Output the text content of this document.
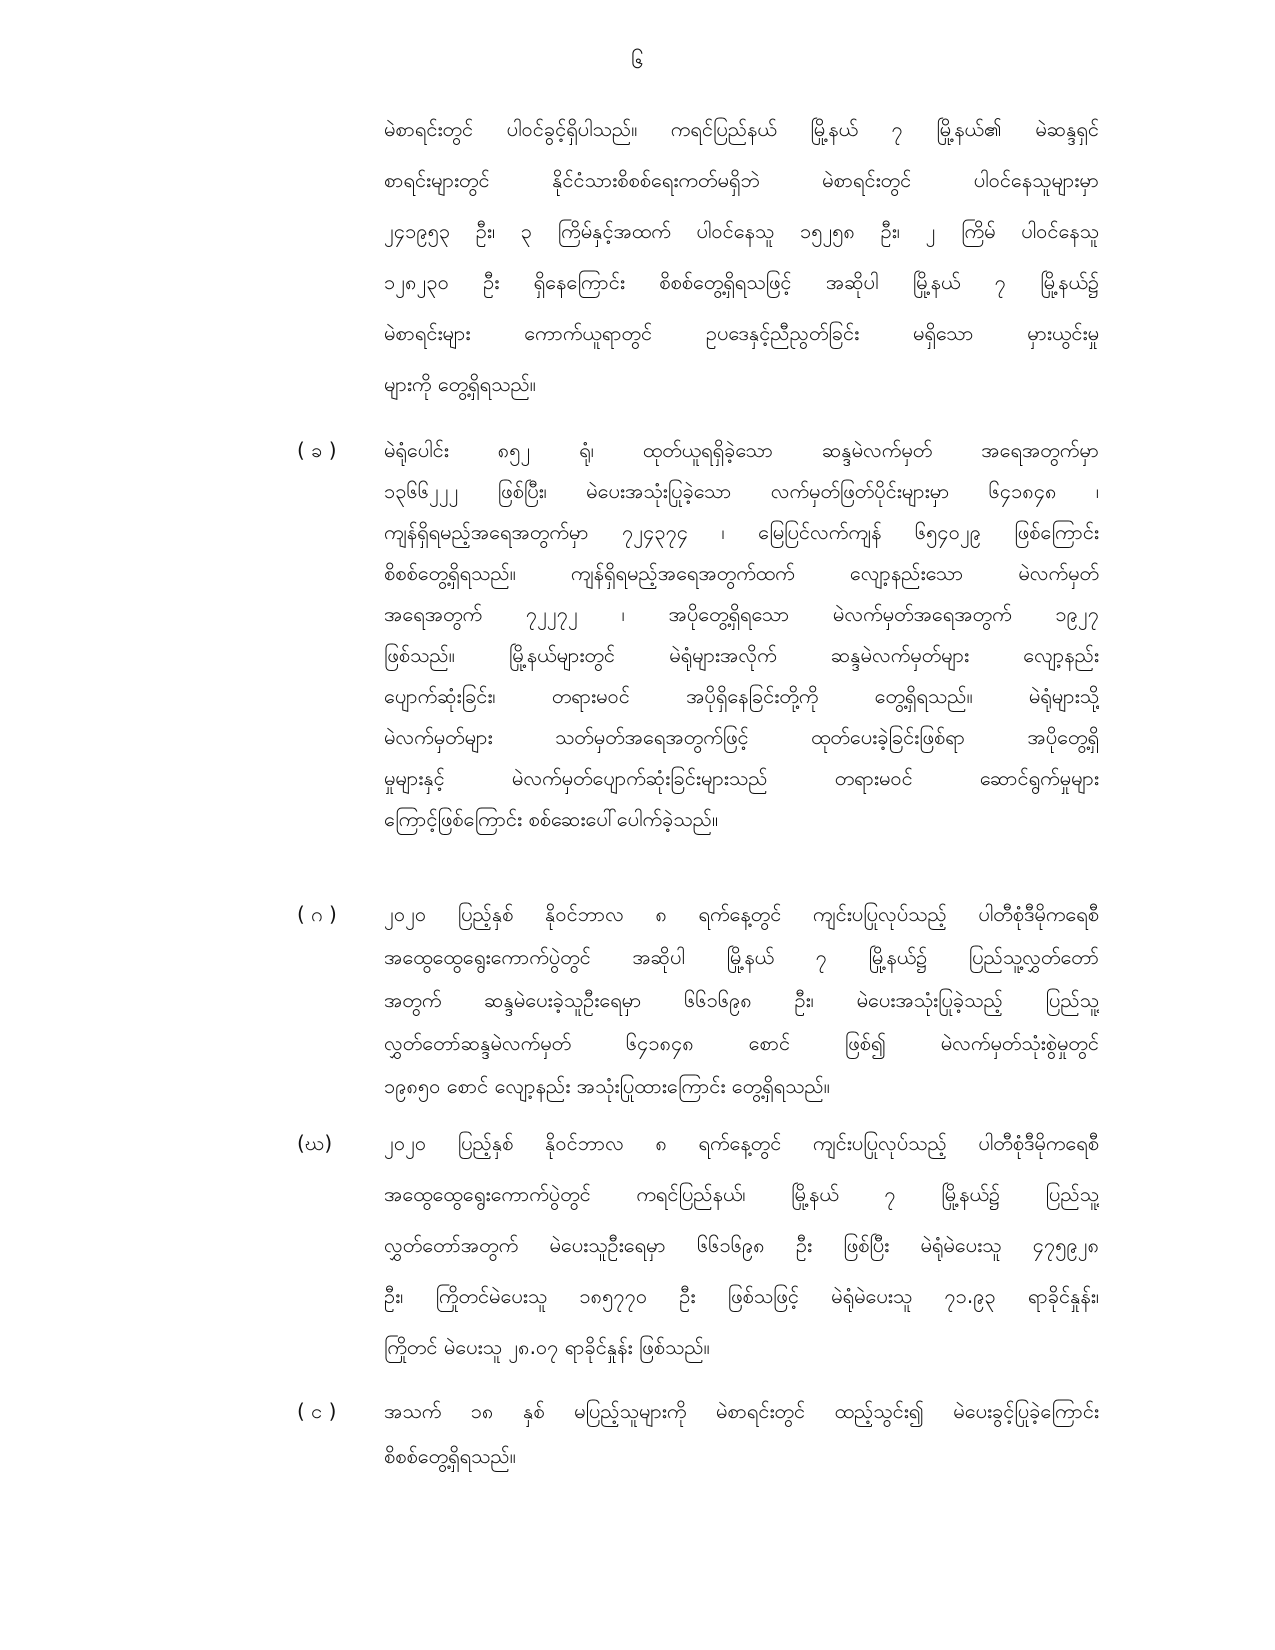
၆
မဲစာရင်းတွင် ပါဝင်ခွင့်ရှိပါသည်။ ကရင်ပြည်နယ် မြို့နယ် ၇ မြို့နယ်၏ မဲဆန္ဒရှင်
စာရင်းများတွင် နိုင်ငံသားစိစစ်ရေးကတ်မရှိဘဲ မဲစာရင်းတွင် ပါဝင်နေသူများမှာ
၂၄၁၉၅၃ ဦး၊ ၃ ကြိမ်နှင့်အထက် ပါဝင်နေသူ ၁၅၂၅၈ ဦး၊ ၂ ကြိမ် ပါဝင်နေသူ
၁၂၈၂၃၀ ဦး ရှိနေကြောင်း စိစစ်တွေ့ရှိရသဖြင့် အဆိုပါ မြို့နယ် ၇ မြို့နယ်၌
မဲစာရင်းများ ကောက်ယူရာတွင် ဥပဒေနှင့်ညီညွတ်ခြင်း မရှိသော မှားယွင်းမှု
များကို တွေ့ရှိရသည်။
( ခ ) မဲရုံပေါင်း ၈၅၂ ရုံ၊ ထုတ်ယူရရှိခဲ့သော ဆန္ဒမဲလက်မှတ် အရေအတွက်မှာ
၁၃၆၆၂၂၂ ဖြစ်ပြီး၊ မဲပေးအသုံးပြုခဲ့သော လက်မှတ်ဖြတ်ပိုင်းများမှာ ၆၄၁၈၄၈ ၊
ကျန်ရှိရမည့်အရေအတွက်မှာ ၇၂၄၃၇၄ ၊ မြေပြင်လက်ကျန် ၆၅၄၀၂၉ ဖြစ်ကြောင်း
စိစစ်တွေ့ရှိရသည်။ ကျန်ရှိရမည့်အရေအတွက်ထက် လျော့နည်းသော မဲလက်မှတ်
အရေအတွက် ၇၂၂၇၂ ၊ အပိုတွေ့ရှိရသော မဲလက်မှတ်အရေအတွက် ၁၉၂၇
ဖြစ်သည်။ မြို့နယ်များတွင် မဲရုံများအလိုက် ဆန္ဒမဲလက်မှတ်များ လျော့နည်း
ပျောက်ဆုံးခြင်း၊ တရားမဝင် အပိုရှိနေခြင်းတို့ကို တွေ့ရှိရသည်။ မဲရုံများသို့
မဲလက်မှတ်များ သတ်မှတ်အရေအတွက်ဖြင့် ထုတ်ပေးခဲ့ခြင်းဖြစ်ရာ အပိုတွေ့ရှိ
မှုများနှင့် မဲလက်မှတ်ပျောက်ဆုံးခြင်းများသည် တရားမဝင် ဆောင်ရွက်မှုများ
ကြောင့်ဖြစ်ကြောင်း စစ်ဆေးပေါ်ပေါက်ခဲ့သည်။
( ဂ ) ၂၀၂၀ ပြည့်နှစ် နိုဝင်ဘာလ ၈ ရက်နေ့တွင် ကျင်းပပြုလုပ်သည့် ပါတီစုံဒီမိုကရေစီ
အထွေထွေရွေးကောက်ပွဲတွင် အဆိုပါ မြို့နယ် ၇ မြို့နယ်၌ ပြည်သူ့လွှတ်တော်
အတွက် ဆန္ဒမဲပေးခဲ့သူဦးရေမှာ ၆၆၁၆၉၈ ဦး၊ မဲပေးအသုံးပြုခဲ့သည့် ပြည်သူ့
လွှတ်တော်ဆန္ဒမဲလက်မှတ် ၆၄၁၈၄၈ စောင် ဖြစ်၍ မဲလက်မှတ်သုံးစွဲမှုတွင်
၁၉၈၅၀ စောင် လျော့နည်း အသုံးပြုထားကြောင်း တွေ့ရှိရသည်။
(ဃ)	၂၀၂၀ ပြည့်နှစ် နိုဝင်ဘာလ ၈ ရက်နေ့တွင် ကျင်းပပြုလုပ်သည့် ပါတီစုံဒီမိုကရေစီ
အထွေထွေရွေးကောက်ပွဲတွင် ကရင်ပြည်နယ်၊ မြို့နယ် ၇ မြို့နယ်၌ ပြည်သူ့
လွှတ်တော်အတွက် မဲပေးသူဦးရေမှာ ၆၆၁၆၉၈ ဦး ဖြစ်ပြီး မဲရုံမဲပေးသူ ၄၇၅၉၂၈
ဦး၊ ကြိုတင်မဲပေးသူ ၁၈၅၇၇၀ ဦး ဖြစ်သဖြင့် မဲရုံမဲပေးသူ ၇၁.၉၃ ရာခိုင်နှုန်း၊
ကြိုတင် မဲပေးသူ ၂၈.၀၇ ရာခိုင်နှုန်း ဖြစ်သည်။
( င ) အသက် ၁၈ နှစ် မပြည့်သူများကို မဲစာရင်းတွင် ထည့်သွင်း၍ မဲပေးခွင့်ပြုခဲ့ကြောင်း
စိစစ်တွေ့ရှိရသည်။
